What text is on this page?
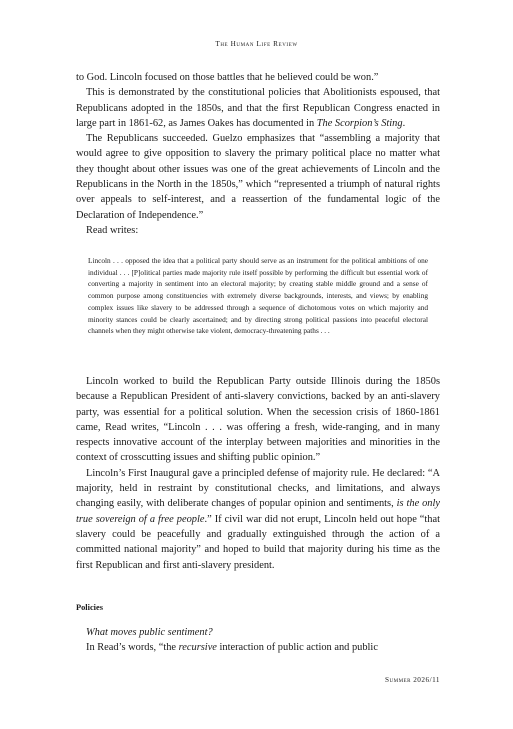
The Human Life Review

to God. Lincoln focused on those battles that he believed could be won.”

This is demonstrated by the constitutional policies that Abolitionists espoused, that Republicans adopted in the 1850s, and that the first Republican Congress enacted in large part in 1861-62, as James Oakes has documented in The Scorpion’s Sting.

The Republicans succeeded. Guelzo emphasizes that “assembling a majority that would agree to give opposition to slavery the primary political place no matter what they thought about other issues was one of the great achievements of Lincoln and the Republicans in the North in the 1850s,” which “represented a triumph of natural rights over appeals to self-interest, and a reassertion of the fundamental logic of the Declaration of Independence.”

Read writes:

Lincoln . . . opposed the idea that a political party should serve as an instrument for the political ambitions of one individual . . . [P]olitical parties made majority rule itself possible by performing the difficult but essential work of converting a majority in sentiment into an electoral majority; by creating stable middle ground and a sense of common purpose among constituencies with extremely diverse backgrounds, interests, and views; by enabling complex issues like slavery to be addressed through a sequence of dichotomous votes on which majority and minority stances could be clearly ascertained; and by directing strong political passions into peaceful electoral channels when they might otherwise take violent, democracy-threatening paths . . .

Lincoln worked to build the Republican Party outside Illinois during the 1850s because a Republican President of anti-slavery convictions, backed by an anti-slavery party, was essential for a political solution. When the secession crisis of 1860-1861 came, Read writes, “Lincoln . . . was offering a fresh, wide-ranging, and in many respects innovative account of the interplay between majorities and minorities in the context of crosscutting issues and shifting public opinion.”

Lincoln’s First Inaugural gave a principled defense of majority rule. He declared: “A majority, held in restraint by constitutional checks, and limitations, and always changing easily, with deliberate changes of popular opinion and sentiments, is the only true sovereign of a free people.” If civil war did not erupt, Lincoln held out hope “that slavery could be peacefully and gradually extinguished through the action of a committed national majority” and hoped to build that majority during his time as the first Republican and first anti-slavery president.

Policies

What moves public sentiment?

In Read’s words, “the recursive interaction of public action and public

Summer 2026/11
